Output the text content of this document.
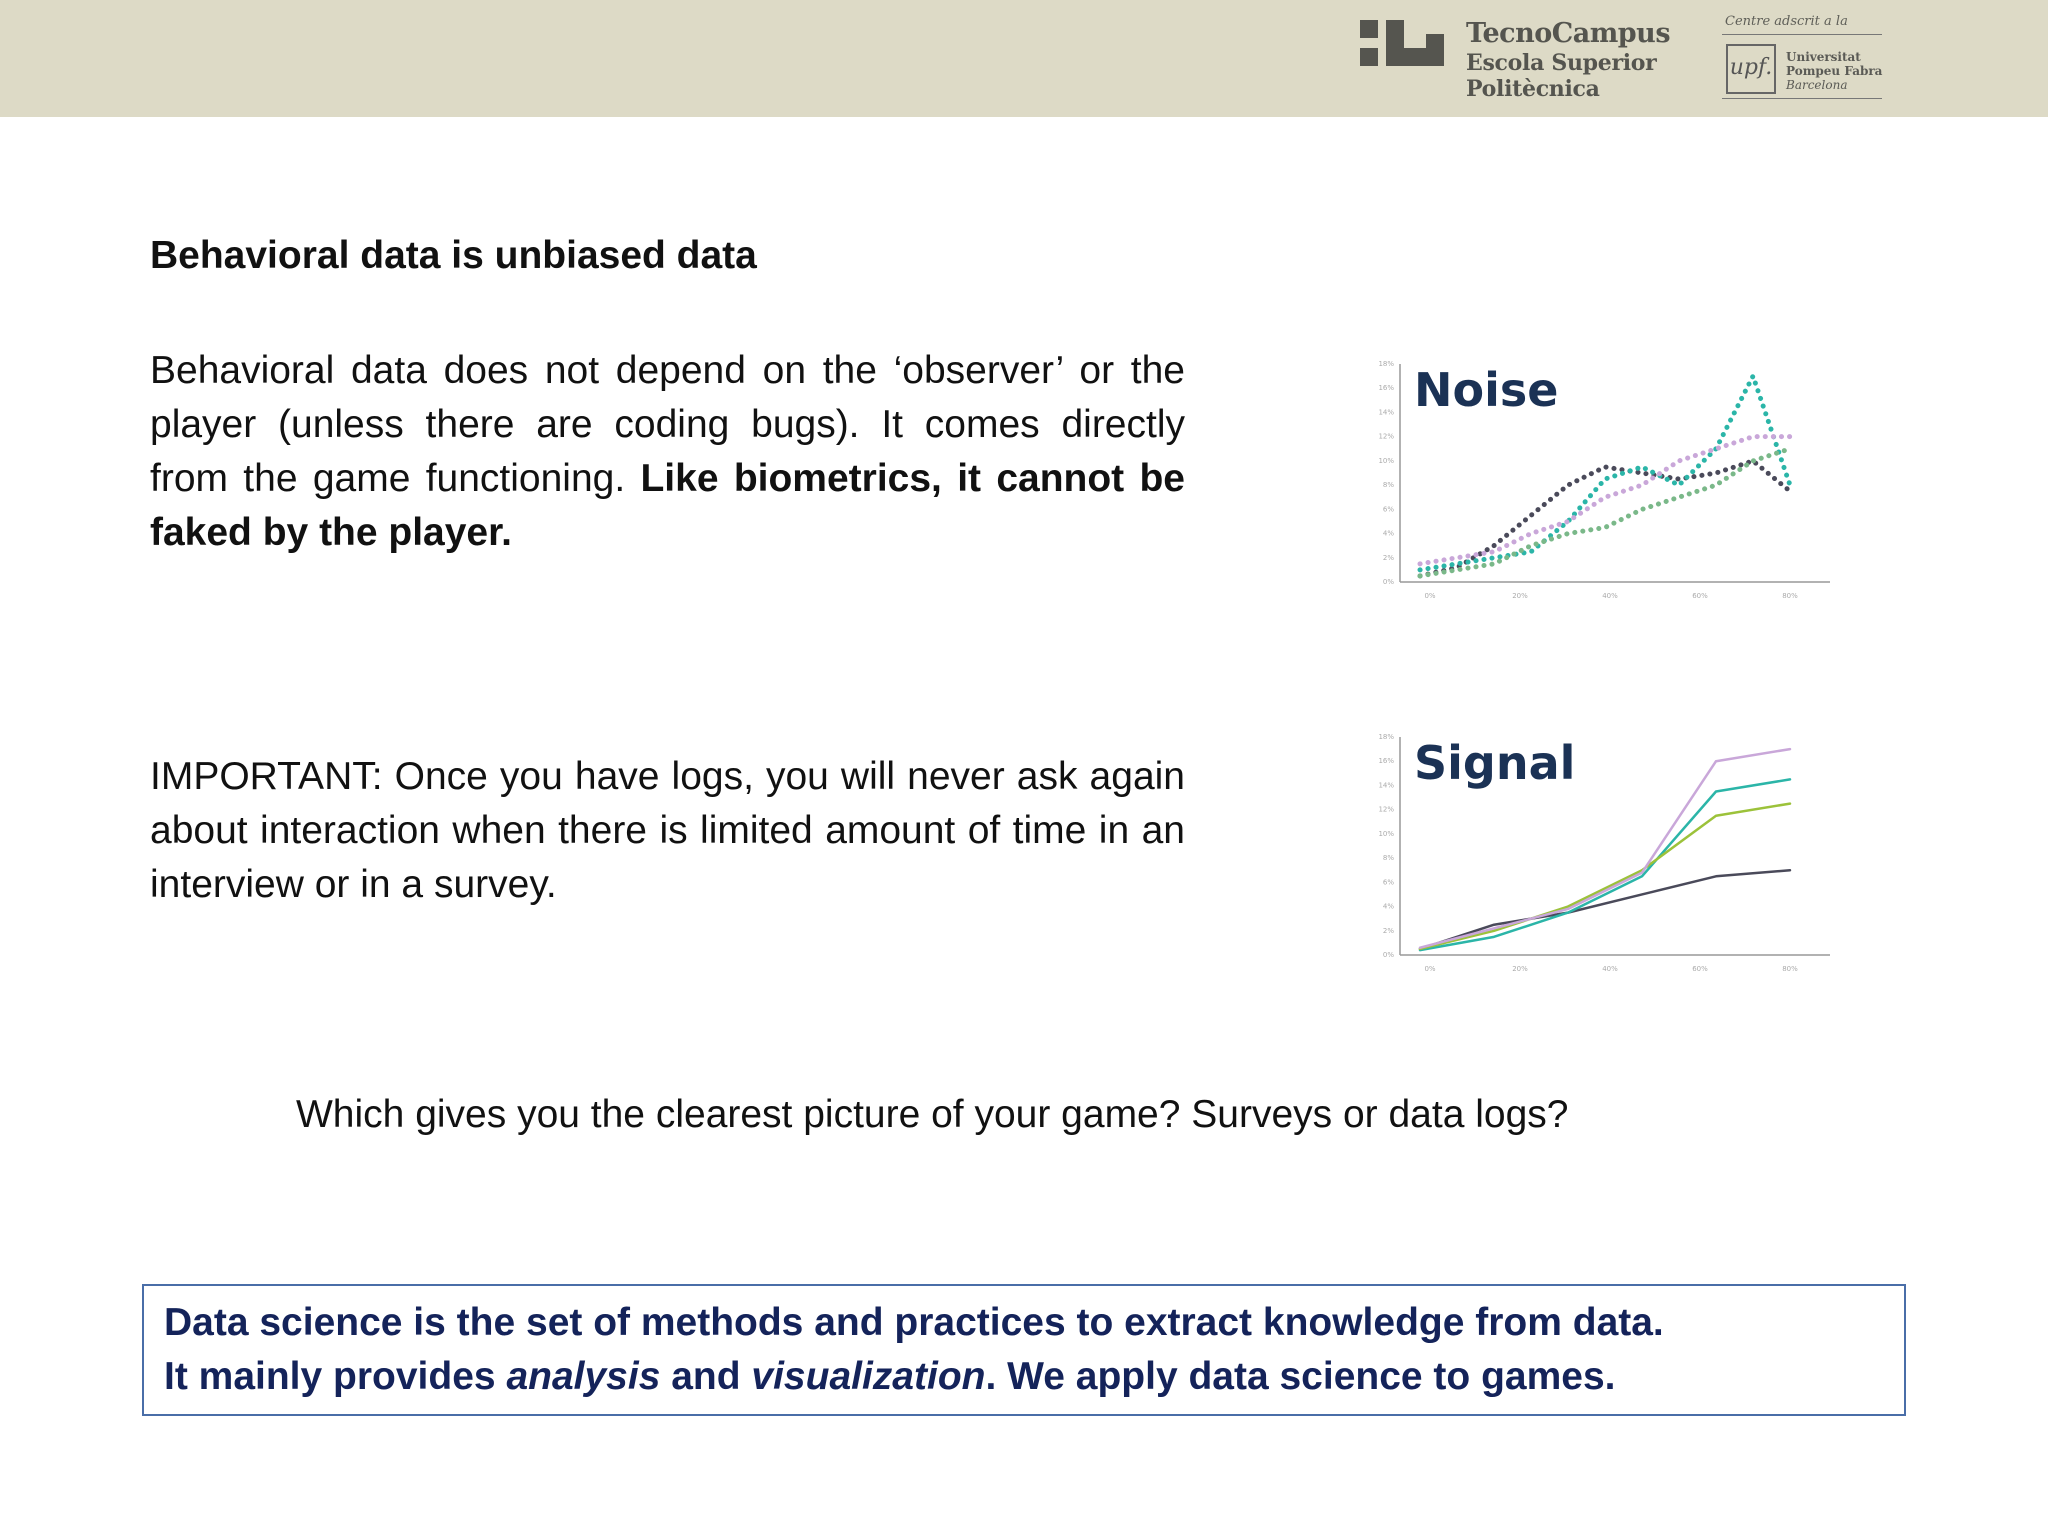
TecnoCampus
Escola Superior
Politècnica
Centre adscrit a la
upf.	Universitat
Pompeu Fabra
Barcelona
Behavioral data is unbiased data
Behavioral data does not depend on the ‘observer’ or the player (unless there are coding bugs). It comes directly from the game functioning. Like biometrics, it cannot be faked by the player.
IMPORTANT: Once you have logs, you will never ask again about interaction when there is limited amount of time in an interview or in a survey.
0%
2%
4%
6%
8%
10%
12%
14%
16%
18%
0%	20%	40%	60%	80%
Noise
0%
2%
4%
6%
8%
10%
12%
14%
16%
18%
0%	20%	40%	60%	80%
Signal
Which gives you the clearest picture of your game? Surveys or data logs?
Data science is the set of methods and practices to extract knowledge from data.
It mainly provides analysis and visualization. We apply data science to games.
